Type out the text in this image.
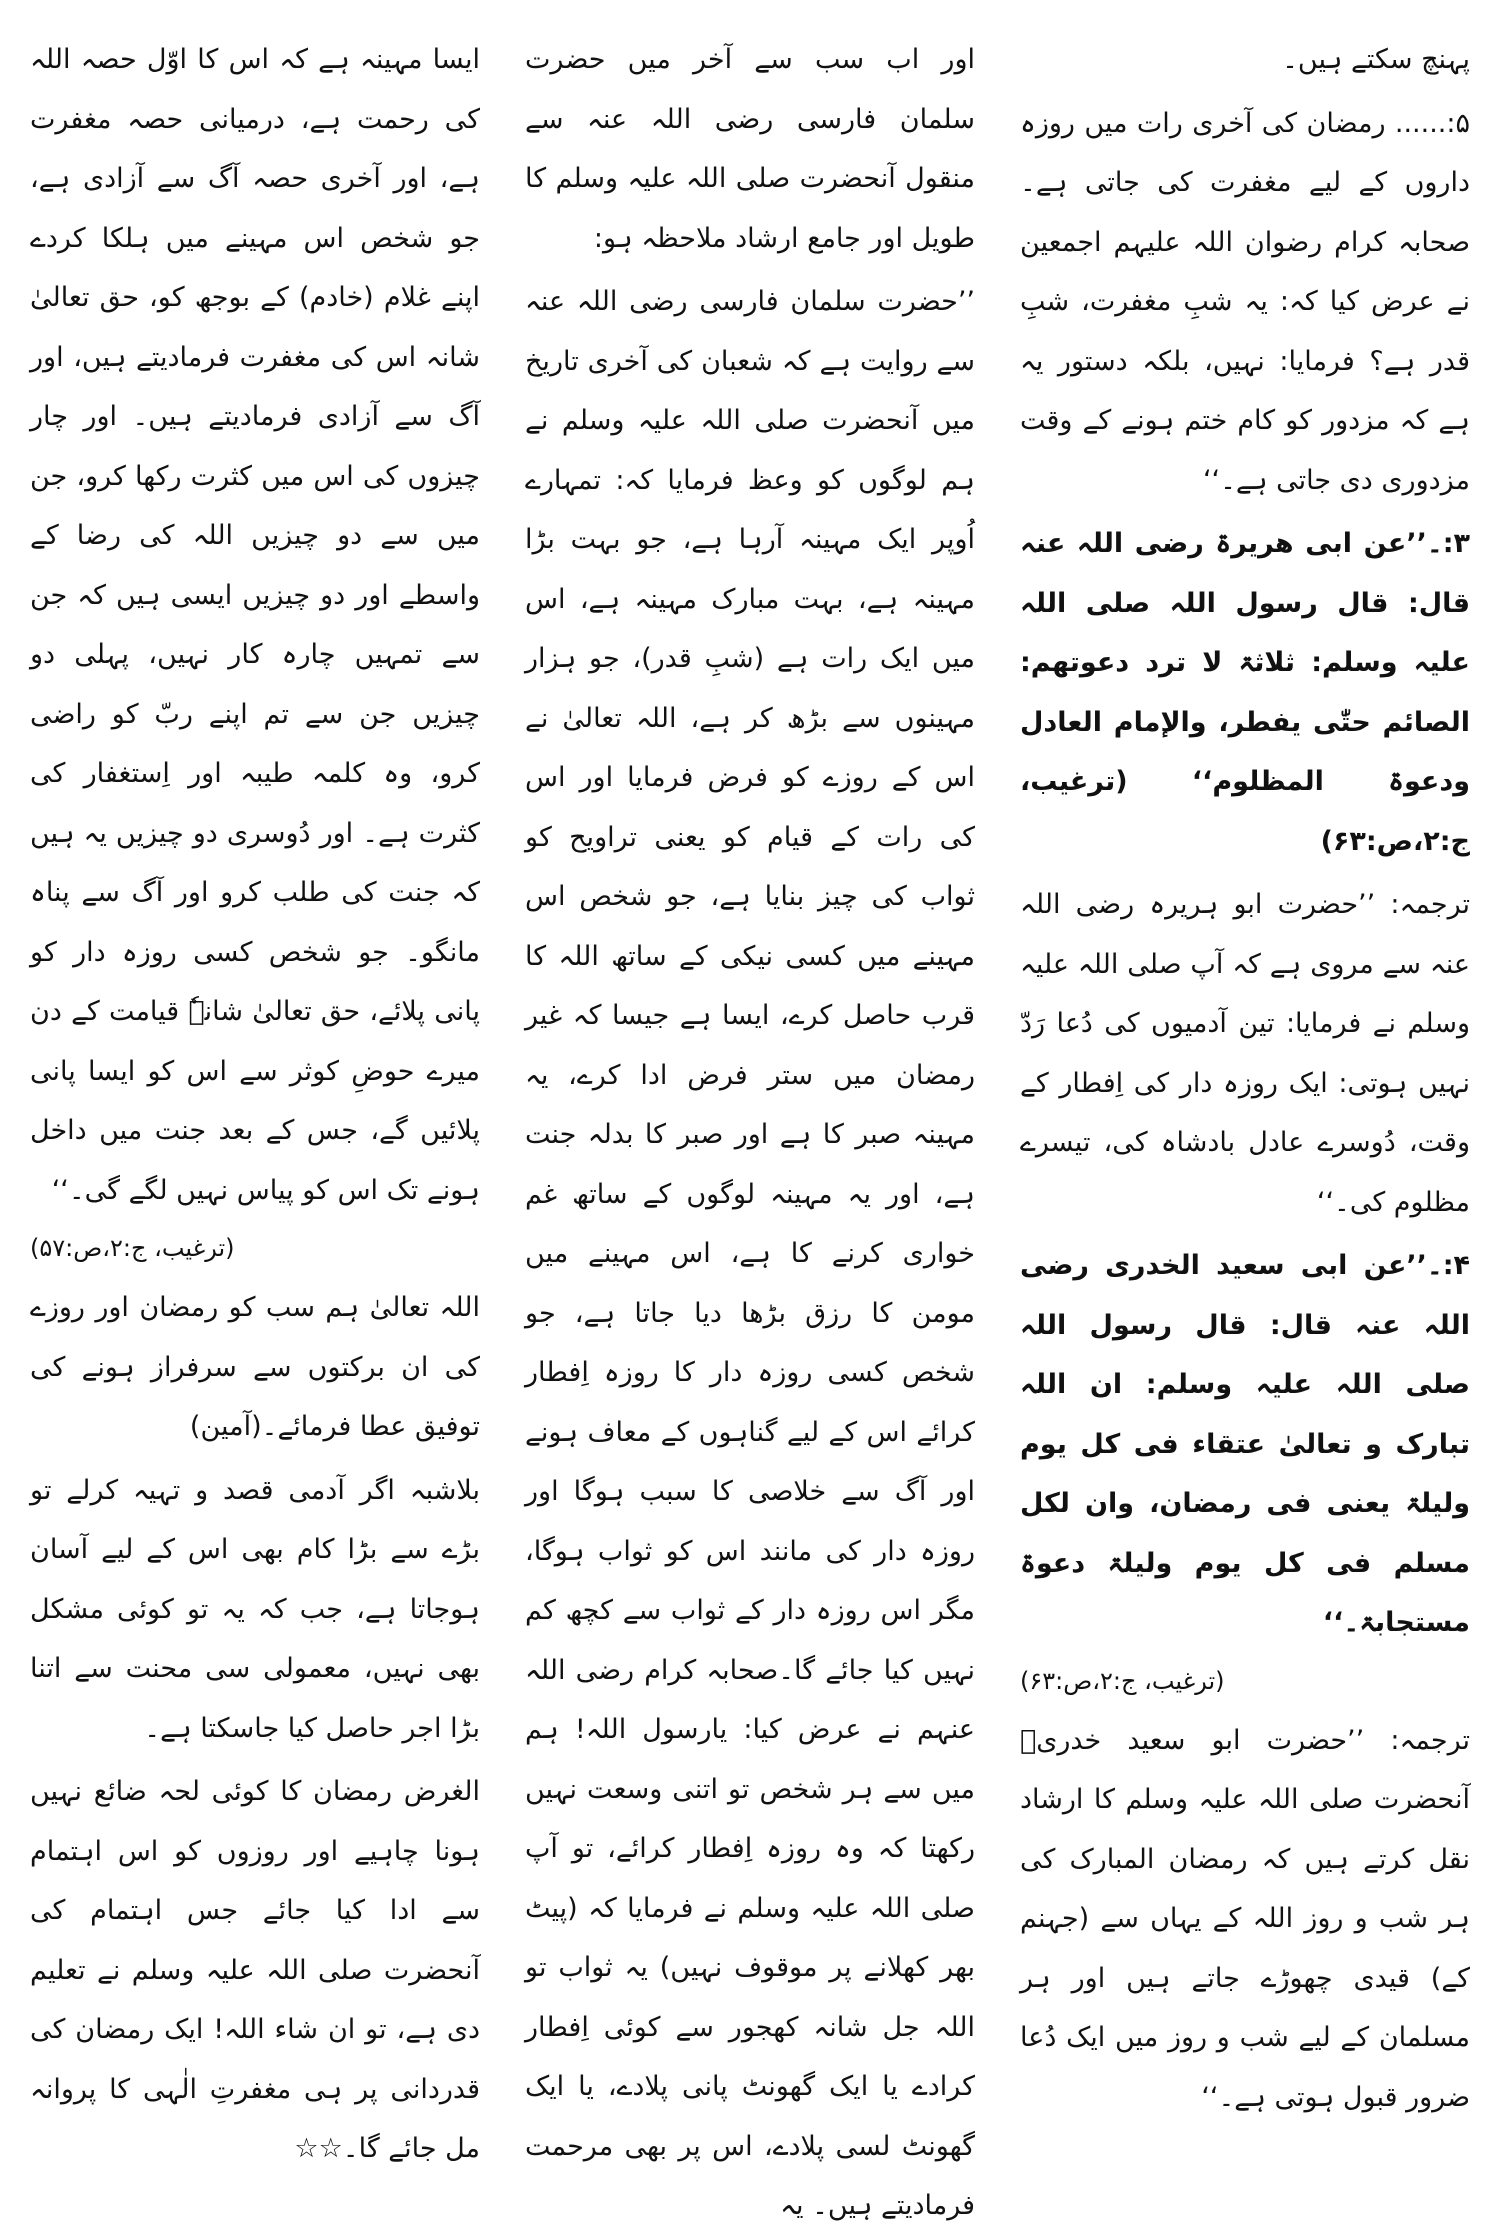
پہنچ سکتے ہیں۔

۵:...... رمضان کی آخری رات میں روزہ داروں کے لیے مغفرت کی جاتی ہے۔صحابہ کرام رضوان اللہ علیہم اجمعین نے عرض کیا کہ: یہ شبِ مغفرت، شبِ قدر ہے؟ فرمایا: نہیں، بلکہ دستور یہ ہے کہ مزدور کو کام ختم ہونے کے وقت مزدوری دی جاتی ہے۔‘‘

۳:۔’’عن ابی ھریرۃ رضی اللہ عنہ قال: قال رسول اللہ صلی اللہ علیہ وسلم: ثلاثۃ لا ترد دعوتھم: الصائم حتّٰی یفطر، والإمام العادل ودعوۃ المظلوم‘‘ (ترغیب، ج:۲،ص:۶۳)

ترجمہ: ’’حضرت ابو ہریرہ رضی اللہ عنہ سے مروی ہے کہ آپ صلی اللہ علیہ وسلم نے فرمایا: تین آدمیوں کی دُعا رَدّ نہیں ہوتی: ایک روزہ دار کی اِفطار کے وقت، دُوسرے عادل بادشاہ کی، تیسرے مظلوم کی۔‘‘

۴:۔’’عن ابی سعید الخدری رضی اللہ عنہ قال: قال رسول اللہ صلی اللہ علیہ وسلم: ان اللہ تبارک و تعالیٰ عتقاء فی کل یوم ولیلۃ یعنی فی رمضان، وان لکل مسلم فی کل یوم ولیلۃ دعوۃ مستجابۃ۔‘‘

(ترغیب، ج:۲،ص:۶۳)

ترجمہ: ’’حضرت ابو سعید خدریؓ آنحضرت صلی اللہ علیہ وسلم کا ارشاد نقل کرتے ہیں کہ رمضان المبارک کی ہر شب و روز اللہ کے یہاں سے (جہنم کے) قیدی چھوڑے جاتے ہیں اور ہر مسلمان کے لیے شب و روز میں ایک دُعا ضرور قبول ہوتی ہے۔‘‘

اور اب سب سے آخر میں حضرت سلمان فارسی رضی اللہ عنہ سے منقول آنحضرت صلی اللہ علیہ وسلم کا طویل اور جامع ارشاد ملاحظہ ہو:

’’حضرت سلمان فارسی رضی اللہ عنہ سے روایت ہے کہ شعبان کی آخری تاریخ میں آنحضرت صلی اللہ علیہ وسلم نے ہم لوگوں کو وعظ فرمایا کہ: تمہارے اُوپر ایک مہینہ آرہا ہے، جو بہت بڑا مہینہ ہے، بہت مبارک مہینہ ہے، اس میں ایک رات ہے (شبِ قدر)، جو ہزار مہینوں سے بڑھ کر ہے، اللہ تعالیٰ نے اس کے روزے کو فرض فرمایا اور اس کی رات کے قیام کو یعنی تراویح کو ثواب کی چیز بنایا ہے، جو شخص اس مہینے میں کسی نیکی کے ساتھ اللہ کا قرب حاصل کرے، ایسا ہے جیسا کہ غیر رمضان میں ستر فرض ادا کرے، یہ مہینہ صبر کا ہے اور صبر کا بدلہ جنت ہے، اور یہ مہینہ لوگوں کے ساتھ غم خواری کرنے کا ہے، اس مہینے میں مومن کا رزق بڑھا دیا جاتا ہے، جو شخص کسی روزہ دار کا روزہ اِفطار کرائے اس کے لیے گناہوں کے معاف ہونے اور آگ سے خلاصی کا سبب ہوگا اور روزہ دار کی مانند اس کو ثواب ہوگا، مگر اس روزہ دار کے ثواب سے کچھ کم نہیں کیا جائے گا۔صحابہ کرام رضی اللہ عنہم نے عرض کیا: یارسول اللہ! ہم میں سے ہر شخص تو اتنی وسعت نہیں رکھتا کہ وہ روزہ اِفطار کرائے، تو آپ صلی اللہ علیہ وسلم نے فرمایا کہ (پیٹ بھر کھلانے پر موقوف نہیں) یہ ثواب تو اللہ جل شانہ کھجور سے کوئی اِفطار کرادے یا ایک گھونٹ پانی پلادے، یا ایک گھونٹ لسی پلادے، اس پر بھی مرحمت فرمادیتے ہیں۔ یہ

ایسا مہینہ ہے کہ اس کا اوّل حصہ اللہ کی رحمت ہے، درمیانی حصہ مغفرت ہے، اور آخری حصہ آگ سے آزادی ہے، جو شخص اس مہینے میں ہلکا کردے اپنے غلام (خادم) کے بوجھ کو، حق تعالیٰ شانہ اس کی مغفرت فرمادیتے ہیں، اور آگ سے آزادی فرمادیتے ہیں۔ اور چار چیزوں کی اس میں کثرت رکھا کرو، جن میں سے دو چیزیں اللہ کی رضا کے واسطے اور دو چیزیں ایسی ہیں کہ جن سے تمہیں چارہ کار نہیں، پہلی دو چیزیں جن سے تم اپنے ربّ کو راضی کرو، وہ کلمہ طیبہ اور اِستغفار کی کثرت ہے۔ اور دُوسری دو چیزیں یہ ہیں کہ جنت کی طلب کرو اور آگ سے پناہ مانگو۔ جو شخص کسی روزہ دار کو پانی پلائے، حق تعالیٰ شانہٗ قیامت کے دن میرے حوضِ کوثر سے اس کو ایسا پانی پلائیں گے، جس کے بعد جنت میں داخل ہونے تک اس کو پیاس نہیں لگے گی۔‘‘

(ترغیب، ج:۲،ص:۵۷)

اللہ تعالیٰ ہم سب کو رمضان اور روزے کی ان برکتوں سے سرفراز ہونے کی توفیق عطا فرمائے۔(آمین)

بلاشبہ اگر آدمی قصد و تہیہ کرلے تو بڑے سے بڑا کام بھی اس کے لیے آسان ہوجاتا ہے، جب کہ یہ تو کوئی مشکل بھی نہیں، معمولی سی محنت سے اتنا بڑا اجر حاصل کیا جاسکتا ہے۔

الغرض رمضان کا کوئی لحہ ضائع نہیں ہونا چاہیے اور روزوں کو اس اہتمام سے ادا کیا جائے جس اہتمام کی آنحضرت صلی اللہ علیہ وسلم نے تعلیم دی ہے، تو ان شاء اللہ! ایک رمضان کی قدردانی پر ہی مغفرتِ الٰہی کا پروانہ مل جائے گا۔☆☆
